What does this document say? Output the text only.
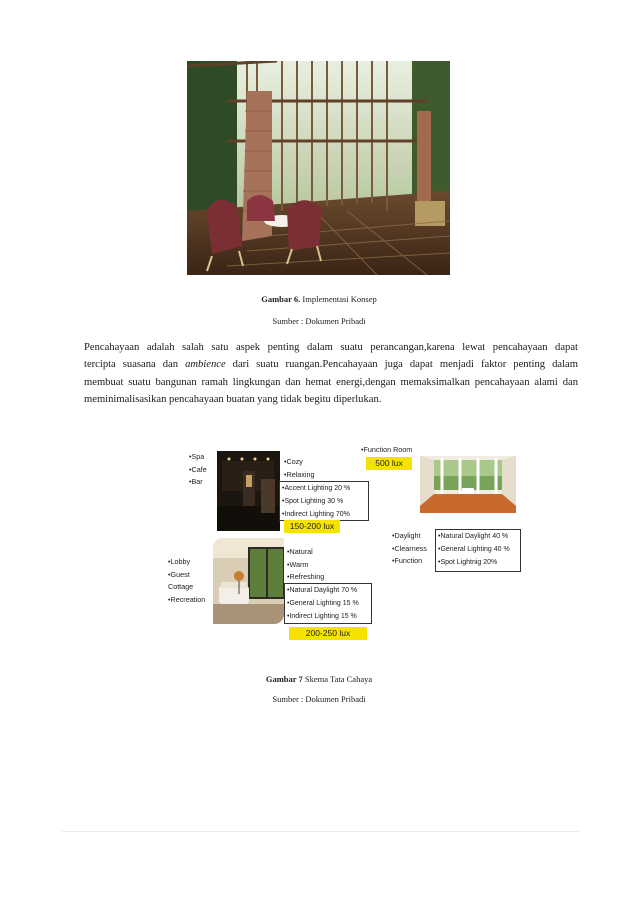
Gambar 6. Implementasi Konsep
Sumber : Dokumen Pribadi
Pencahayaan adalah salah satu aspek penting dalam suatu perancangan,karena lewat pencahayaan dapat
tercipta suasana dan ambience dari suatu ruangan.Pencahayaan juga dapat menjadi faktor penting dalam
membuat suatu bangunan ramah lingkungan dan hemat energi,dengan memaksimalkan pencahayaan alami dan
meminimalisasikan pencahayaan buatan yang tidak begitu diperlukan.
•Spa
•Cafe
•Bar
•Cozy
•Relaxing
•Accent Lighting 20 %
•Spot Lighting 30 %
•Indirect Lighting 70%
150-200 lux
•Function Room
500 lux
•Daylight
•Clearness
•Function
•Natural Daylight 40 %
•General Lighting 40 %
•Spot Lightnig 20%
•Lobby
•Guest
Cottage
•Recreation
•Natural
•Warm
•Refreshing
•Natural Daylight 70 %
•General Lighting 15 %
•Indirect Lighting 15 %
200-250 lux
Gambar 7 Skema Tata Cahaya
Sumber : Dokumen Pribadi
